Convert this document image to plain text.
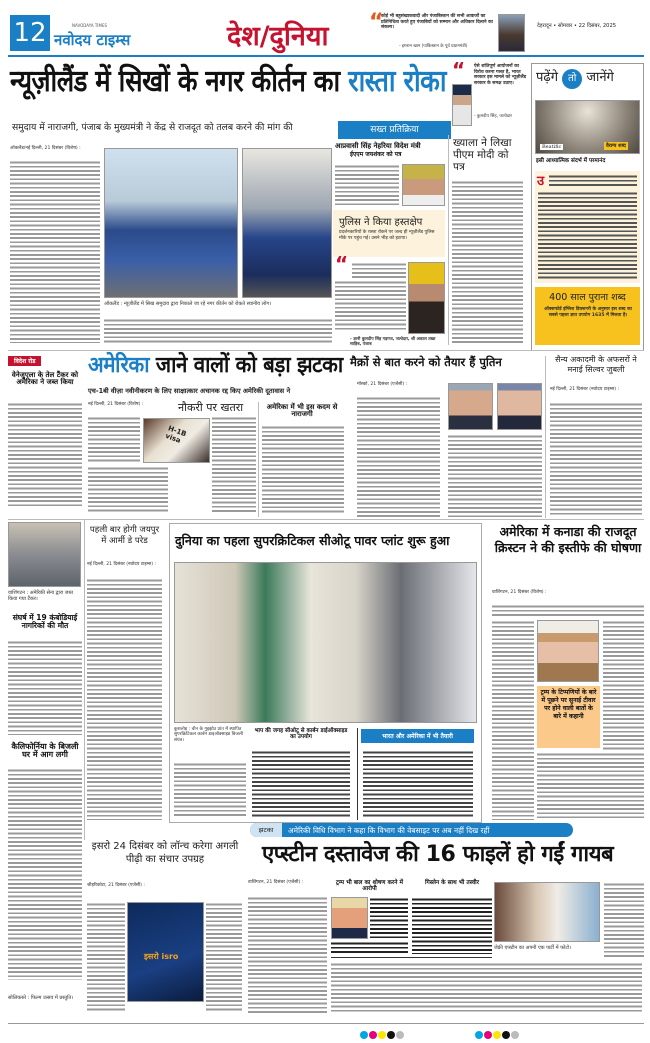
12	NAVODAYA TIMES
नवोदय टाइम्स	देश/दुनिया “
कोई भी बहुसंख्यकवादी और पंजाबिस्तान की सभी आवाजों का प्रतिनिधित्व करते हुए पंजाबियों को सम्मान और अधिकार दिलाने का संकल्प।
- इमरान खान (पाकिस्तान के पूर्व प्रधानमंत्री)
देहरादून • सोमवार • 22 दिसंबर, 2025
न्यूज़ीलैंड में सिखों के नगर कीर्तन का रास्ता रोका
समुदाय में नाराजगी, पंजाब के मुख्यमंत्री ने केंद्र से राजदूत को तलब करने की मांग की
ऑकलैंड/नई दिल्ली, 21 दिसंबर (विशेष) :
ऑकलैंड : न्यूज़ीलैंड में सिख समुदाय द्वारा निकाले जा रहे नगर कीर्तन को रोकते स्थानीय लोग।
“ ऐसे शांतिपूर्ण आयोजनों का विरोध करना गलत है, भारत सरकार इस मामले को न्यूज़ीलैंड सरकार के समक्ष उठाए।
- कुलदीप सिंह, जत्थेदार
सख्त प्रतिक्रिया
आप्रवासी सिंह नेहरिया विदेश मंत्री
ईएएम जयशंकर को पत्र
पुलिस ने किया हस्तक्षेप
प्रदर्शनकारियों के रास्ता रोकने पर जल्द ही न्यूज़ीलैंड पुलिस मौके पर पहुंच गई। उसने भीड़ को हटाया।
“
- ज्ञानी कुलदीप सिंह गड़गज, जत्थेदार, श्री अकाल तख्त साहिब, पंजाब
ख्याला ने लिखा पीएम मोदी को पत्र
पढ़ेंगे तो जानेंगे
Beatific	वैराग्य शब्द
इसी आध्यात्मिक संदर्भ में परमानंद
उ
400 साल पुराना शब्द
ऑक्सफोर्ड इंग्लिश डिक्शनरी के अनुसार इस शब्द का सबसे पहला ज्ञात उपयोग 1635 में मिलता है।
विदेश रोड
वेनेजुएला के तेल टैंकर को अमेरिका ने जब्त किया
अमेरिका जाने वालों को बड़ा झटका
एच-1बी वीज़ा नवीनीकरण के लिए साक्षात्कार अचानक रद्द किए अमेरिकी दूतावास ने
नौकरी पर खतरा
नई दिल्ली, 21 दिसंबर (विशेष) :
H-1B visa
अमेरिका में भी इस कदम से नाराजगी
मैक्रों से बात करने को तैयार हैं पुतिन
मॉस्को, 21 दिसंबर (एजेंसी) :
सैन्य अकादमी के अफसरों ने मनाई सिल्वर जुबली
नई दिल्ली, 21 दिसंबर (नवोदय टाइम्स) :
वाशिंगटन : अमेरिकी सेना द्वारा जब्त किया गया टैंकर।
संघर्ष में 19 कंबोडियाई नागरिकों की मौत
कैलिफोर्निया के बिजली घर में आग लगी
सोलिकस्ते : फिल्म उत्सव में प्रस्तुति।
पहली बार होगी जयपुर में आर्मी डे परेड
नई दिल्ली, 21 दिसंबर (नवोदय टाइम्स) :
दुनिया का पहला सुपरक्रिटिकल सीओटू पावर प्लांट शुरू हुआ
कुशलोह : चीन के गुइझोउ प्रांत में स्थापित सुपरक्रिटिकल कार्बन डाइऑक्साइड बिजली संयंत्र।
भाप की जगह सीओटू से कार्बन डाईऑक्साइड का उपयोग	भारत और अमेरिका में भी तैयारी
अमेरिका में कनाडा की राजदूत क्रिस्टन ने की इस्तीफे की घोषणा
वाशिंगटन, 21 दिसंबर (विशेष) :
ट्रम्प के टिप्पणियों के बारे में पूछने पर सुनाई टीवार पर होने वाली बातों के बारे में कहानी
झटका	अमेरिकी विधि विभाग ने कहा कि विभाग की वेबसाइट पर अब नहीं दिख रहीं
इसरो 24 दिसंबर को लॉन्च करेगा अगली पीढ़ी का संचार उपग्रह
श्रीहरिकोटा, 21 दिसंबर (एजेंसी) :
इसरो isro
एप्स्टीन दस्तावेज की 16 फाइलें हो गईं गायब
वाशिंगटन, 21 दिसंबर (एजेंसी) :	ट्रम्प भी बाल का शोषण करने में आरोपी
गिस्लेन के साथ भी तस्वीर
जेफ्री एप्स्टीन का अपनी एक पार्टी में फोटो।
